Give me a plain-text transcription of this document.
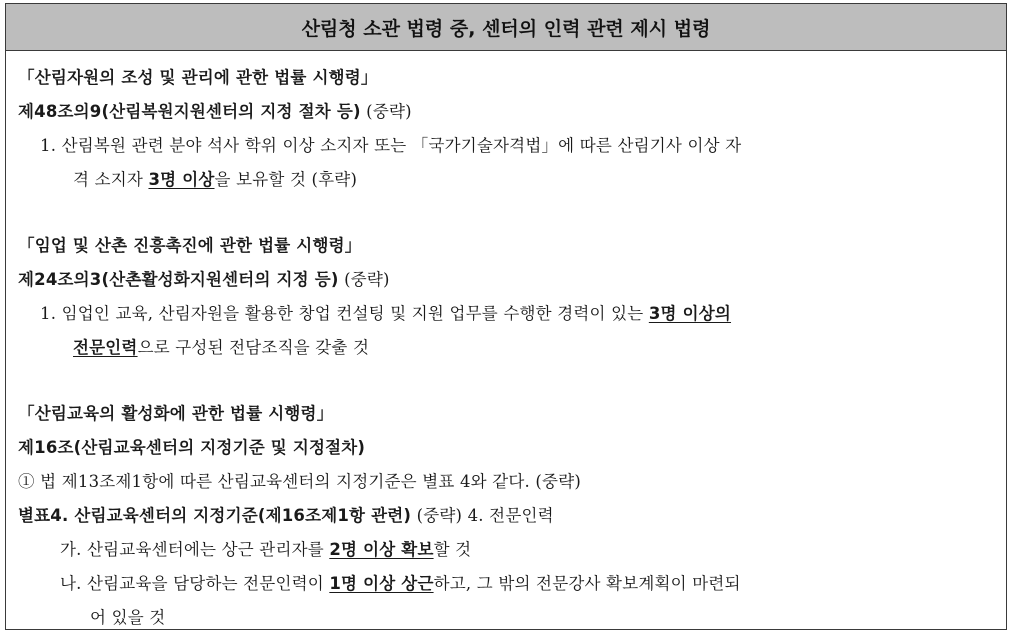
산림청 소관 법령 중, 센터의 인력 관련 제시 법령
「산림자원의 조성 및 관리에 관한 법률 시행령」
제48조의9(산림복원지원센터의 지정 절차 등) (중략)
1. 산림복원 관련 분야 석사 학위 이상 소지자 또는 「국가기술자격법」에 따른 산림기사 이상 자
격 소지자 3명 이상을 보유할 것 (후략)
「임업 및 산촌 진흥촉진에 관한 법률 시행령」
제24조의3(산촌활성화지원센터의 지정 등) (중략)
1. 임업인 교육, 산림자원을 활용한 창업 컨설팅 및 지원 업무를 수행한 경력이 있는 3명 이상의
전문인력으로 구성된 전담조직을 갖출 것
「산림교육의 활성화에 관한 법률 시행령」
제16조(산림교육센터의 지정기준 및 지정절차)
① 법 제13조제1항에 따른 산림교육센터의 지정기준은 별표 4와 같다. (중략)
별표4. 산림교육센터의 지정기준(제16조제1항 관련) (중략) 4. 전문인력
가. 산림교육센터에는 상근 관리자를 2명 이상 확보할 것
나. 산림교육을 담당하는 전문인력이 1명 이상 상근하고, 그 밖의 전문강사 확보계획이 마련되
어 있을 것
